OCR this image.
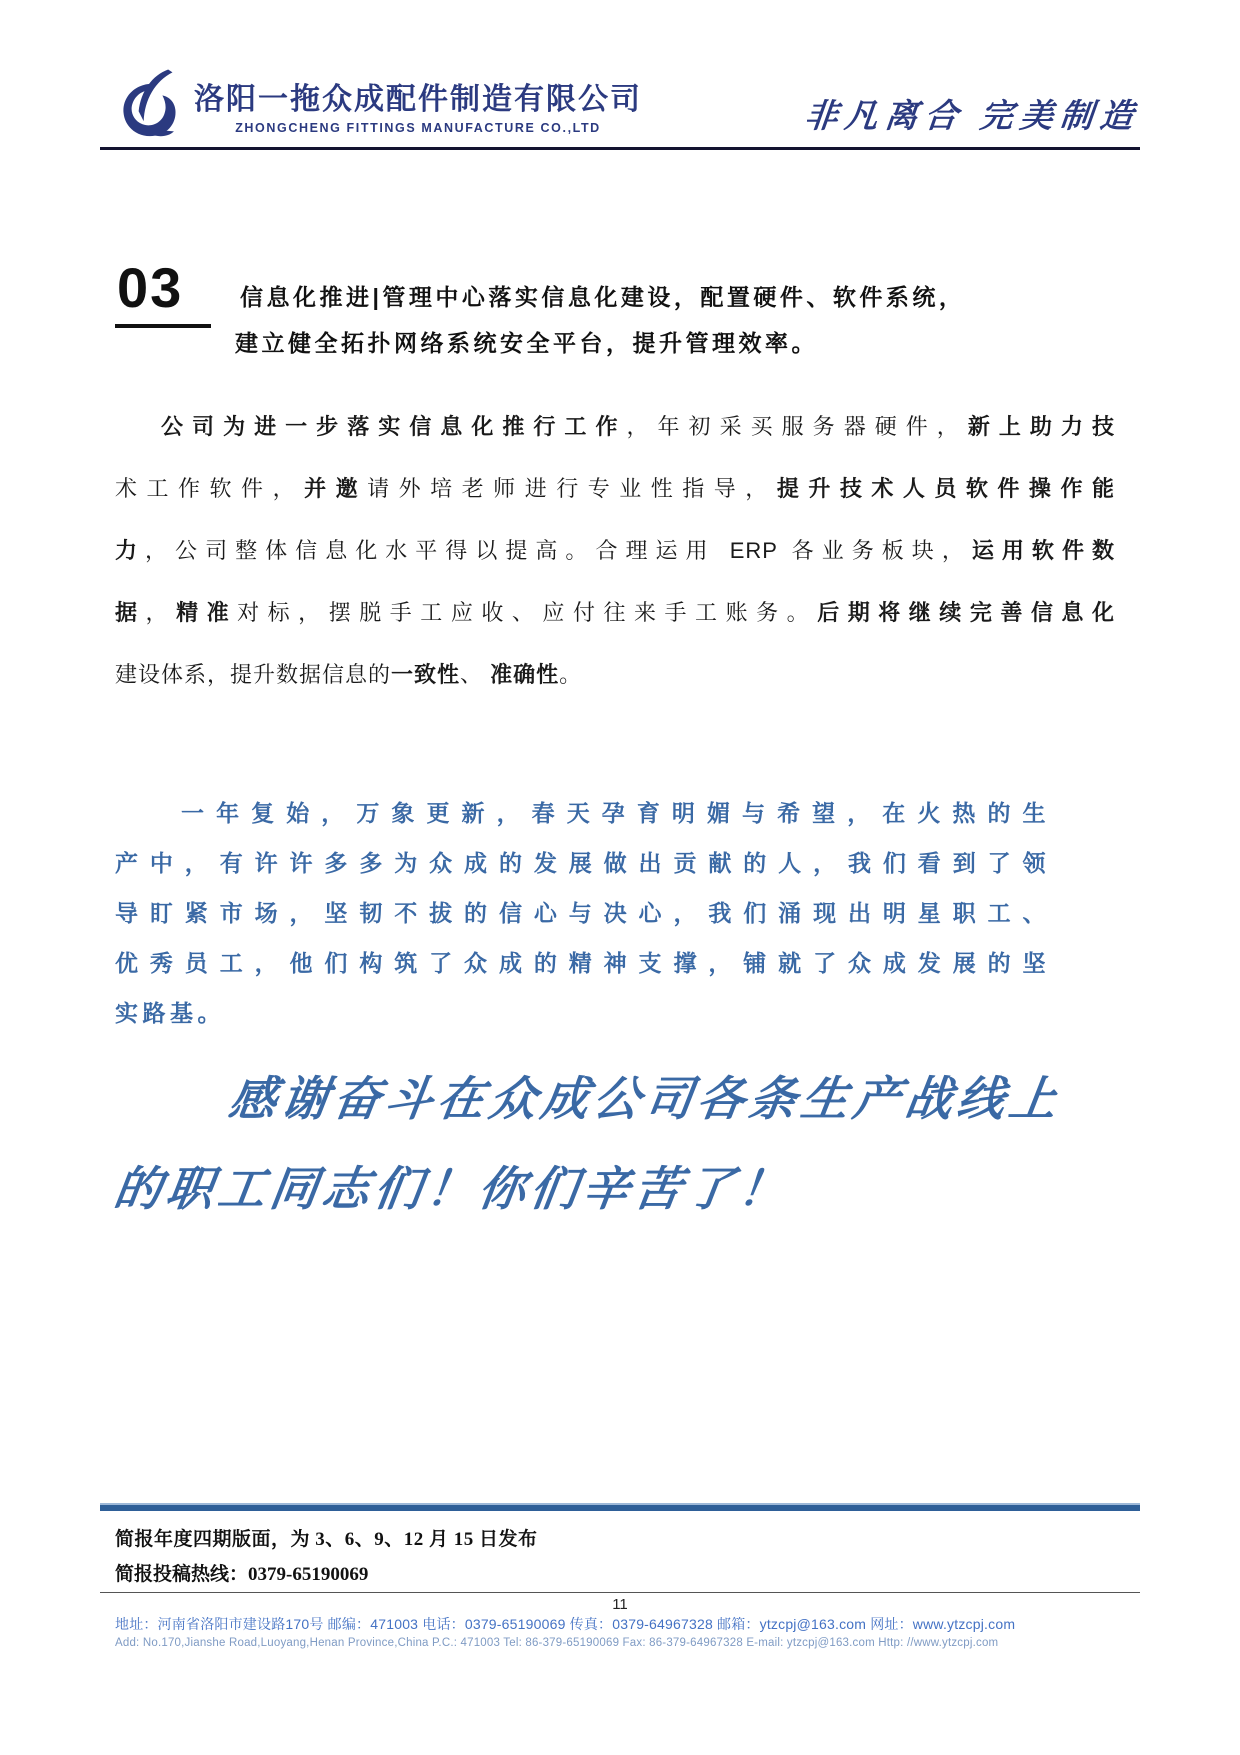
洛阳一拖众成配件制造有限公司
ZHONGCHENG FITTINGS MANUFACTURE CO.,LTD	非凡离合 完美制造
03	信息化推进|管理中心落实信息化建设，配置硬件、软件系统，
建立健全拓扑网络系统安全平台，提升管理效率。
公司为进一步落实信息化推行工作，年初采买服务器硬件，新上助力技
术工作软件，并邀请外培老师进行专业性指导，提升技术人员软件操作能
力，公司整体信息化水平得以提高。合理运用 ERP 各业务板块，运用软件数
据，精准对标，摆脱手工应收、应付往来手工账务。后期将继续完善信息化
建设体系，提升数据信息的一致性、 准确性。
一年复始，万象更新，春天孕育明媚与希望，在火热的生
产中，有许许多多为众成的发展做出贡献的人，我们看到了领
导盯紧市场，坚韧不拔的信心与决心，我们涌现出明星职工、
优秀员工，他们构筑了众成的精神支撑，铺就了众成发展的坚
实路基。
感谢奋斗在众成公司各条生产战线上
的职工同志们！你们辛苦了！
简报年度四期版面，为 3、6、9、12 月 15 日发布
简报投稿热线：0379-65190069
11
地址：河南省洛阳市建设路170号 邮编：471003 电话：0379-65190069 传真：0379-64967328 邮箱：ytzcpj@163.com 网址：www.ytzcpj.com
Add: No.170,Jianshe Road,Luoyang,Henan Province,China P.C.: 471003 Tel: 86-379-65190069 Fax: 86-379-64967328 E-mail: ytzcpj@163.com Http: //www.ytzcpj.com
